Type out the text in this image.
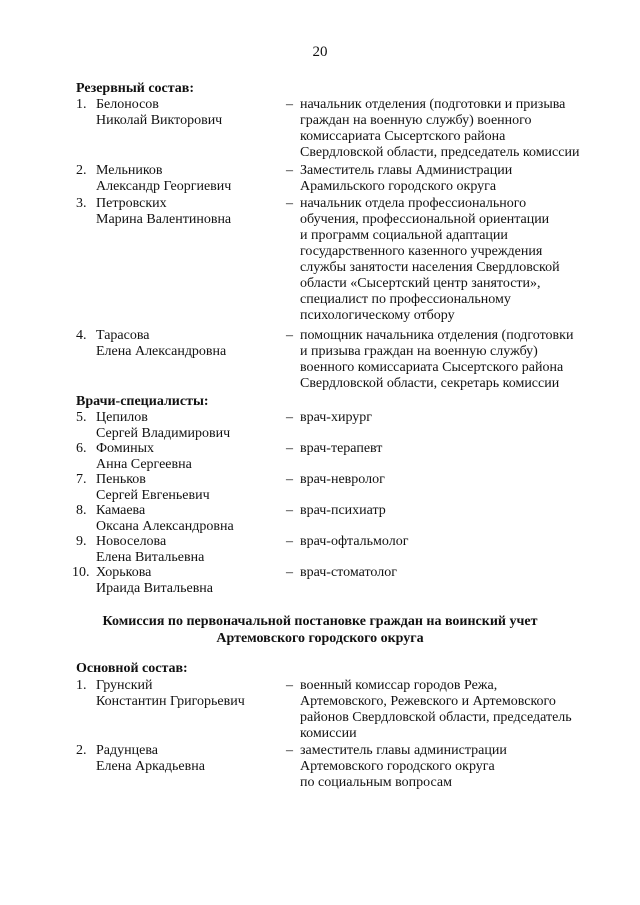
20
Резервный состав:
1. Белоносов
Николай Викторович
– начальник отделения (подготовки и призыва
граждан на военную службу) военного
комиссариата Сысертского района
Свердловской области, председатель комиссии
2. Мельников
Александр Георгиевич
– Заместитель главы Администрации
Арамильского городского округа
3. Петровских
Марина Валентиновна
– начальник отдела профессионального
обучения, профессиональной ориентации
и программ социальной адаптации
государственного казенного учреждения
службы занятости населения Свердловской
области «Сысертский центр занятости»,
специалист по профессиональному
психологическому отбору
4. Тарасова
Елена Александровна
– помощник начальника отделения (подготовки
и призыва граждан на военную службу)
военного комиссариата Сысертского района
Свердловской области, секретарь комиссии
Врачи-специалисты:
5. Цепилов
Сергей Владимирович
– врач-хирург
6. Фоминых
Анна Сергеевна
– врач-терапевт
7. Пеньков
Сергей Евгеньевич
– врач-невролог
8. Камаева
Оксана Александровна
– врач-психиатр
9. Новоселова
Елена Витальевна
– врач-офтальмолог
10. Хорькова
Ираида Витальевна
– врач-стоматолог
Комиссия по первоначальной постановке граждан на воинский учет
Артемовского городского округа
Основной состав:
1. Грунский
Константин Григорьевич
– военный комиссар городов Режа,
Артемовского, Режевского и Артемовского
районов Свердловской области, председатель
комиссии
2. Радунцева
Елена Аркадьевна
– заместитель главы администрации
Артемовского городского округа
по социальным вопросам
